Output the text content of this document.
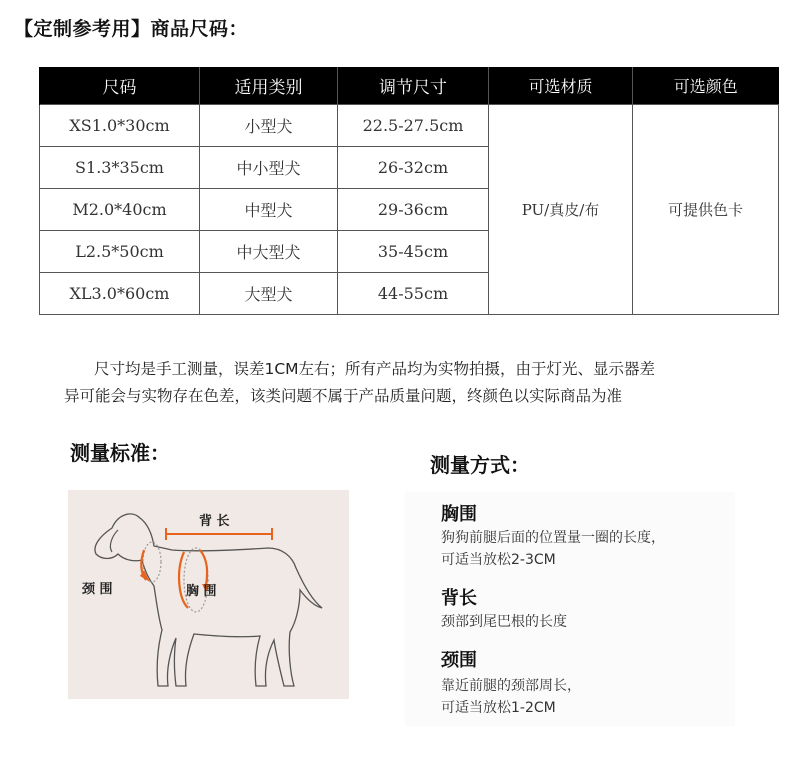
【定制参考用】商品尺码：
尺码	适用类别	调节尺寸	可选材质	可选颜色
XS1.0*30cm	小型犬	22.5-27.5cm	PU/真皮/布	可提供色卡
S1.3*35cm	中小型犬	26-32cm		
M2.0*40cm	中型犬	29-36cm		
L2.5*50cm	中大型犬	35-45cm		
XL3.0*60cm	大型犬	44-55cm		

尺寸均是手工测量，误差1CM左右；所有产品均为实物拍摄，由于灯光、显示器差

异可能会与实物存在色差，该类问题不属于产品质量问题，终颜色以实际商品为准

测量标准：	测量方式：
背 长
颈 围	胸 围
胸围
狗狗前腿后面的位置量一圈的长度，
可适当放松2-3CM
背长
颈部到尾巴根的长度
颈围
靠近前腿的颈部周长，
可适当放松1-2CM
